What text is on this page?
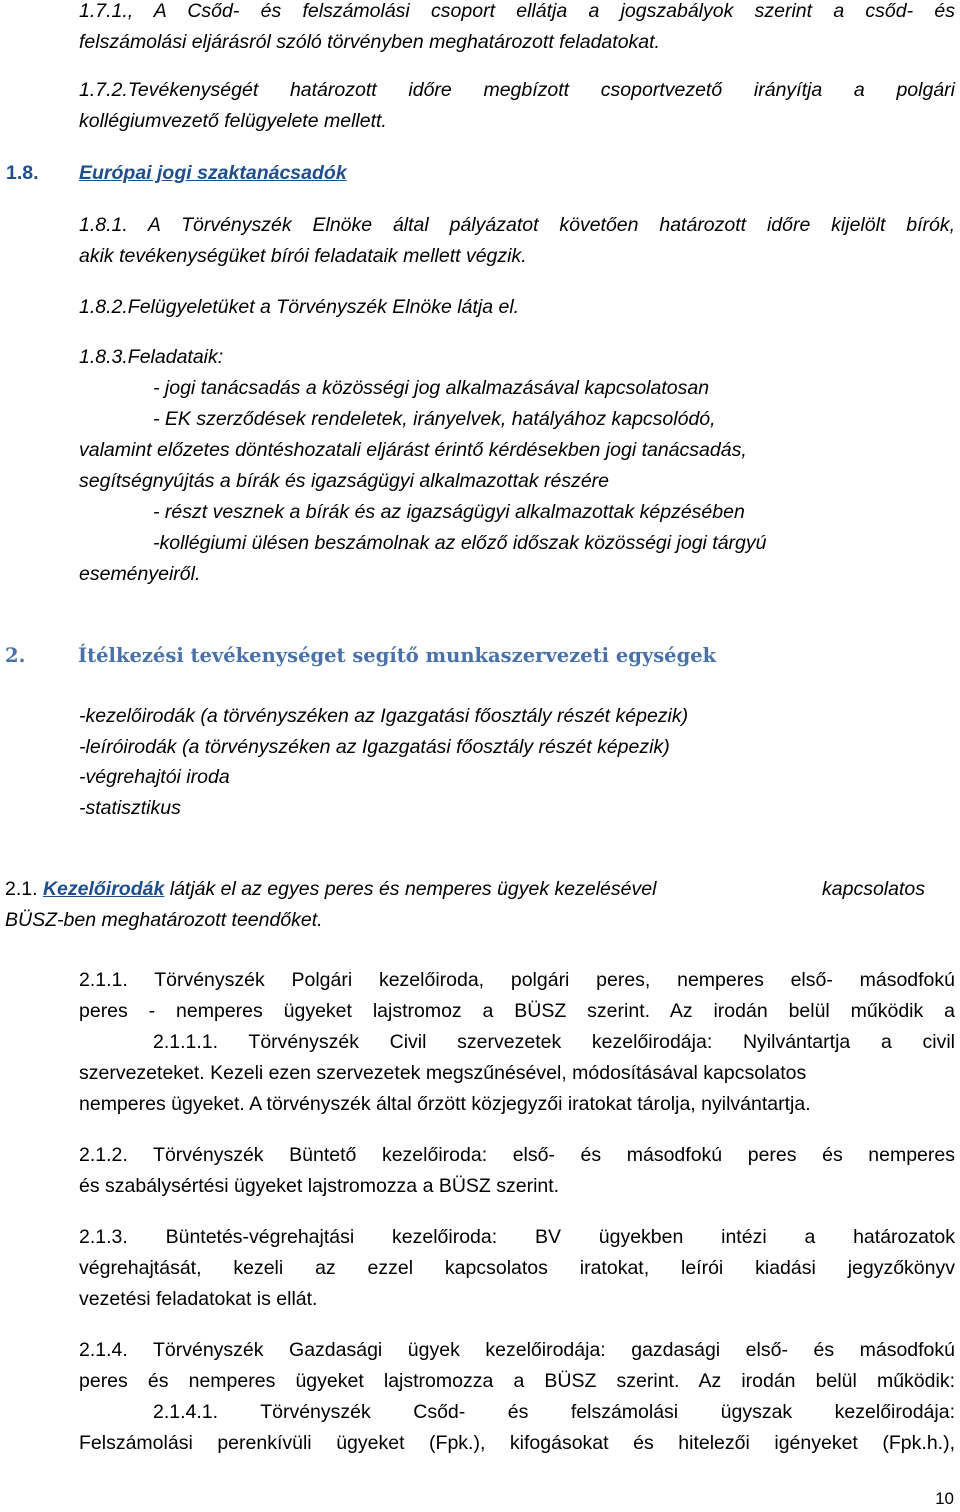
1.7.1., A Csőd- és felszámolási csoport ellátja a jogszabályok szerint a csőd- és
felszámolási eljárásról szóló törvényben meghatározott feladatokat.
1.7.2.Tevékenységét határozott időre megbízott csoportvezető irányítja a polgári
kollégiumvezető felügyelete mellett.
1.8. Európai jogi szaktanácsadók
1.8.1. A Törvényszék Elnöke által pályázatot követően határozott időre kijelölt bírók,
akik tevékenységüket bírói feladataik mellett végzik.
1.8.2.Felügyeletüket a Törvényszék Elnöke látja el.
1.8.3.Feladataik:
- jogi tanácsadás a közösségi jog alkalmazásával kapcsolatosan
- EK szerződések rendeletek, irányelvek, hatályához kapcsolódó,
valamint előzetes döntéshozatali eljárást érintő kérdésekben jogi tanácsadás,
segítségnyújtás a bírák és igazságügyi alkalmazottak részére
- részt vesznek a bírák és az igazságügyi alkalmazottak képzésében
-kollégiumi ülésen beszámolnak az előző időszak közösségi jogi tárgyú
eseményeiről.
2.	Ítélkezési tevékenységet segítő munkaszervezeti egységek
-kezelőirodák (a törvényszéken az Igazgatási főosztály részét képezik)
-leíróirodák (a törvényszéken az Igazgatási főosztály részét képezik)
-végrehajtói iroda
-statisztikus
2.1. Kezelőirodák látják el az egyes peres és nemperes ügyek kezelésével	kapcsolatos
BÜSZ-ben meghatározott teendőket.
2.1.1. Törvényszék Polgári kezelőiroda, polgári peres, nemperes első- másodfokú
peres - nemperes ügyeket lajstromoz a BÜSZ szerint. Az irodán belül működik a
2.1.1.1. Törvényszék Civil szervezetek kezelőirodája: Nyilvántartja a civil
szervezeteket. Kezeli ezen szervezetek megszűnésével, módosításával kapcsolatos
nemperes ügyeket. A törvényszék által őrzött közjegyzői iratokat tárolja, nyilvántartja.
2.1.2. Törvényszék Büntető kezelőiroda: első- és másodfokú peres és nemperes
és szabálysértési ügyeket lajstromozza a BÜSZ szerint.
2.1.3. Büntetés-végrehajtási kezelőiroda: BV ügyekben intézi a határozatok
végrehajtását, kezeli az ezzel kapcsolatos iratokat, leírói kiadási jegyzőkönyv
vezetési feladatokat is ellát.
2.1.4. Törvényszék Gazdasági ügyek kezelőirodája: gazdasági első- és másodfokú
peres és nemperes ügyeket lajstromozza a BÜSZ szerint. Az irodán belül működik:
2.1.4.1. Törvényszék Csőd- és felszámolási ügyszak kezelőirodája:
Felszámolási perenkívüli ügyeket (Fpk.), kifogásokat és hitelezői igényeket (Fpk.h.),
10
